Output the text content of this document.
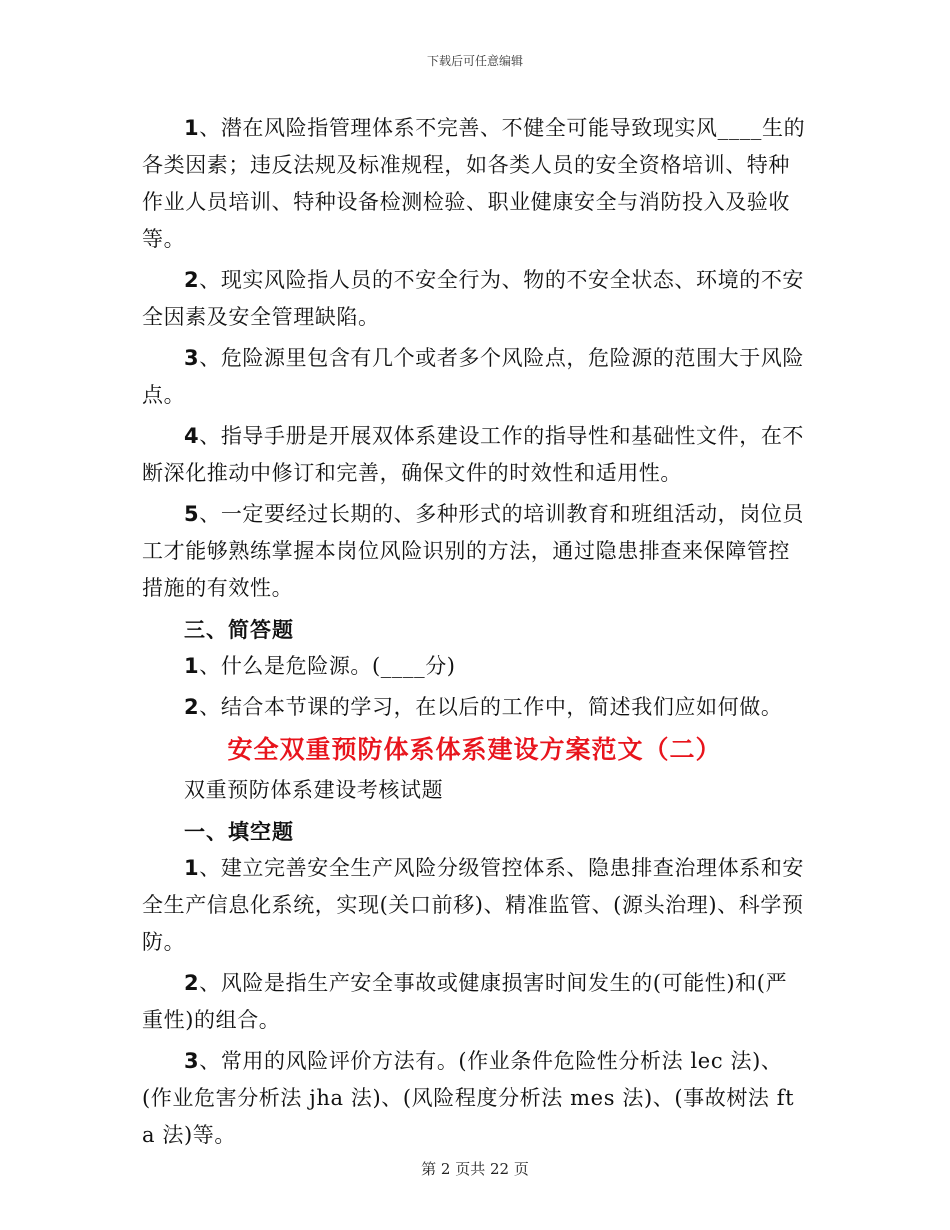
下载后可任意编辑

1、潜在风险指管理体系不完善、不健全可能导致现实风____生的各类因素；违反法规及标准规程，如各类人员的安全资格培训、特种作业人员培训、特种设备检测检验、职业健康安全与消防投入及验收等。

2、现实风险指人员的不安全行为、物的不安全状态、环境的不安全因素及安全管理缺陷。

3、危险源里包含有几个或者多个风险点，危险源的范围大于风险点。

4、指导手册是开展双体系建设工作的指导性和基础性文件，在不断深化推动中修订和完善，确保文件的时效性和适用性。

5、一定要经过长期的、多种形式的培训教育和班组活动，岗位员工才能够熟练掌握本岗位风险识别的方法，通过隐患排查来保障管控措施的有效性。

三、简答题

1、什么是危险源。(____分)

2、结合本节课的学习，在以后的工作中，简述我们应如何做。

安全双重预防体系体系建设方案范文（二）

双重预防体系建设考核试题

一、填空题

1、建立完善安全生产风险分级管控体系、隐患排查治理体系和安全生产信息化系统，实现(关口前移)、精准监管、(源头治理)、科学预防。

2、风险是指生产安全事故或健康损害时间发生的(可能性)和(严重性)的组合。

3、常用的风险评价方法有。(作业条件危险性分析法 lec 法)、(作业危害分析法 jha 法)、(风险程度分析法 mes 法)、(事故树法 fta 法)等。

第 2 页共 22 页
